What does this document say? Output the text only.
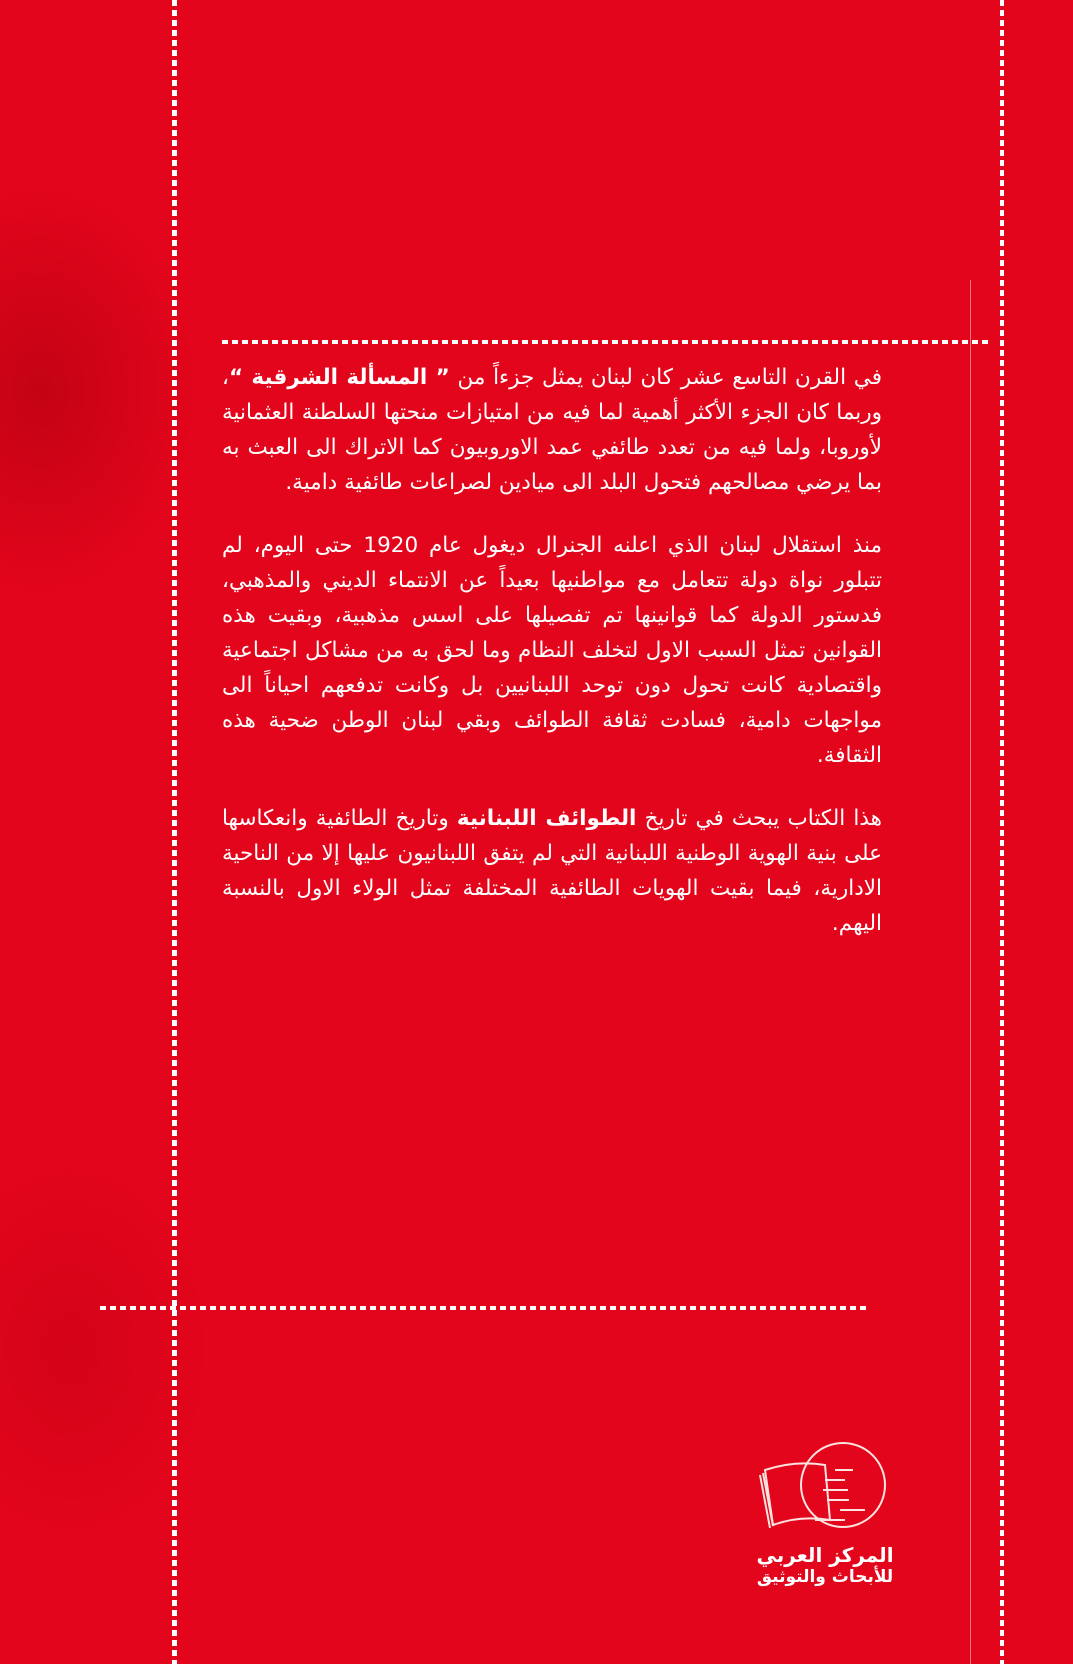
في القرن التاسع عشر كان لبنان يمثل جزءاً من ” المسألة الشرقية “، وربما كان الجزء الأكثر أهمية لما فيه من امتيازات منحتها السلطنة العثمانية لأوروبا، ولما فيه من تعدد طائفي عمد الاوروبيون كما الاتراك الى العبث به بما يرضي مصالحهم فتحول البلد الى ميادين لصراعات طائفية دامية.

منذ استقلال لبنان الذي اعلنه الجنرال ديغول عام 1920 حتى اليوم، لم تتبلور نواة دولة تتعامل مع مواطنيها بعيداً عن الانتماء الديني والمذهبي، فدستور الدولة كما قوانينها تم تفصيلها على اسس مذهبية، وبقيت هذه القوانين تمثل السبب الاول لتخلف النظام وما لحق به من مشاكل اجتماعية واقتصادية كانت تحول دون توحد اللبنانيين بل وكانت تدفعهم احياناً الى مواجهات دامية، فسادت ثقافة الطوائف وبقي لبنان الوطن ضحية هذه الثقافة.

هذا الكتاب يبحث في تاريخ الطوائف اللبنانية وتاريخ الطائفية وانعكاسها على بنية الهوية الوطنية اللبنانية التي لم يتفق اللبنانيون عليها إلا من الناحية الادارية، فيما بقيت الهويات الطائفية المختلفة تمثل الولاء الاول بالنسبة اليهم.

المركز العربي
للأبحاث والتوثيق
